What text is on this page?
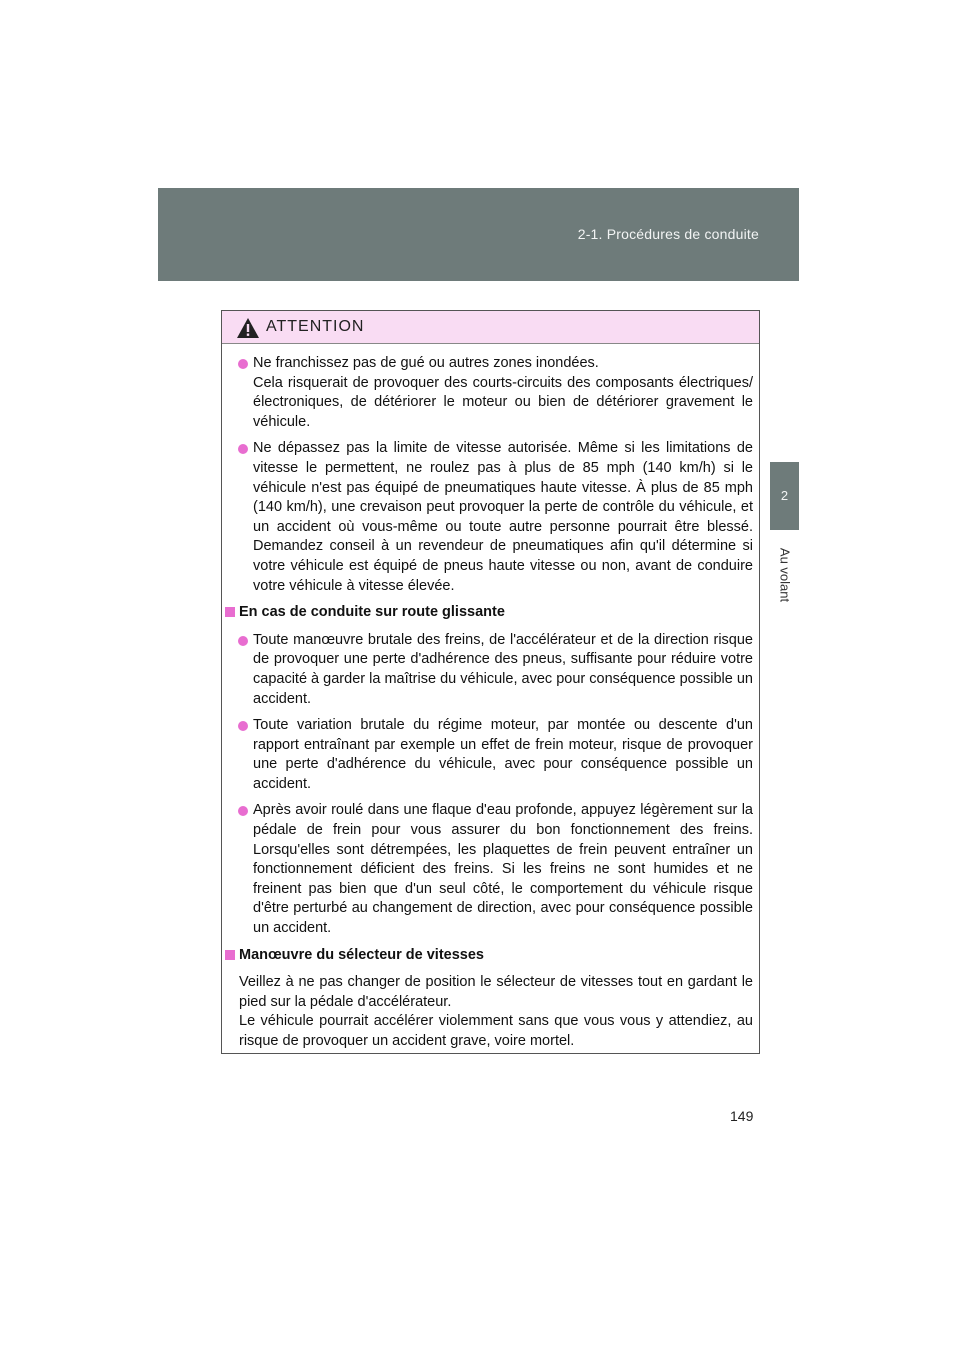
2-1. Procédures de conduite
2
Au volant
ATTENTION
Ne franchissez pas de gué ou autres zones inondées.
Cela risquerait de provoquer des courts-circuits des composants électriques/électroniques, de détériorer le moteur ou bien de détériorer gravement le véhicule.
Ne dépassez pas la limite de vitesse autorisée. Même si les limitations de vitesse le permettent, ne roulez pas à plus de 85 mph (140 km/h) si le véhicule n'est pas équipé de pneumatiques haute vitesse. À plus de 85 mph (140 km/h), une crevaison peut provoquer la perte de contrôle du véhicule, et un accident où vous-même ou toute autre personne pourrait être blessé. Demandez conseil à un revendeur de pneumatiques afin qu'il détermine si votre véhicule est équipé de pneus haute vitesse ou non, avant de conduire votre véhicule à vitesse élevée.
En cas de conduite sur route glissante
Toute manœuvre brutale des freins, de l'accélérateur et de la direction risque de provoquer une perte d'adhérence des pneus, suffisante pour réduire votre capacité à garder la maîtrise du véhicule, avec pour conséquence possible un accident.
Toute variation brutale du régime moteur, par montée ou descente d'un rapport entraînant par exemple un effet de frein moteur, risque de provoquer une perte d'adhérence du véhicule, avec pour conséquence possible un accident.
Après avoir roulé dans une flaque d'eau profonde, appuyez légèrement sur la pédale de frein pour vous assurer du bon fonctionnement des freins. Lorsqu'elles sont détrempées, les plaquettes de frein peuvent entraîner un fonctionnement déficient des freins. Si les freins ne sont humides et ne freinent pas bien que d'un seul côté, le comportement du véhicule risque d'être perturbé au changement de direction, avec pour conséquence possible un accident.
Manœuvre du sélecteur de vitesses
Veillez à ne pas changer de position le sélecteur de vitesses tout en gardant le pied sur la pédale d'accélérateur.
Le véhicule pourrait accélérer violemment sans que vous vous y attendiez, au risque de provoquer un accident grave, voire mortel.
149
